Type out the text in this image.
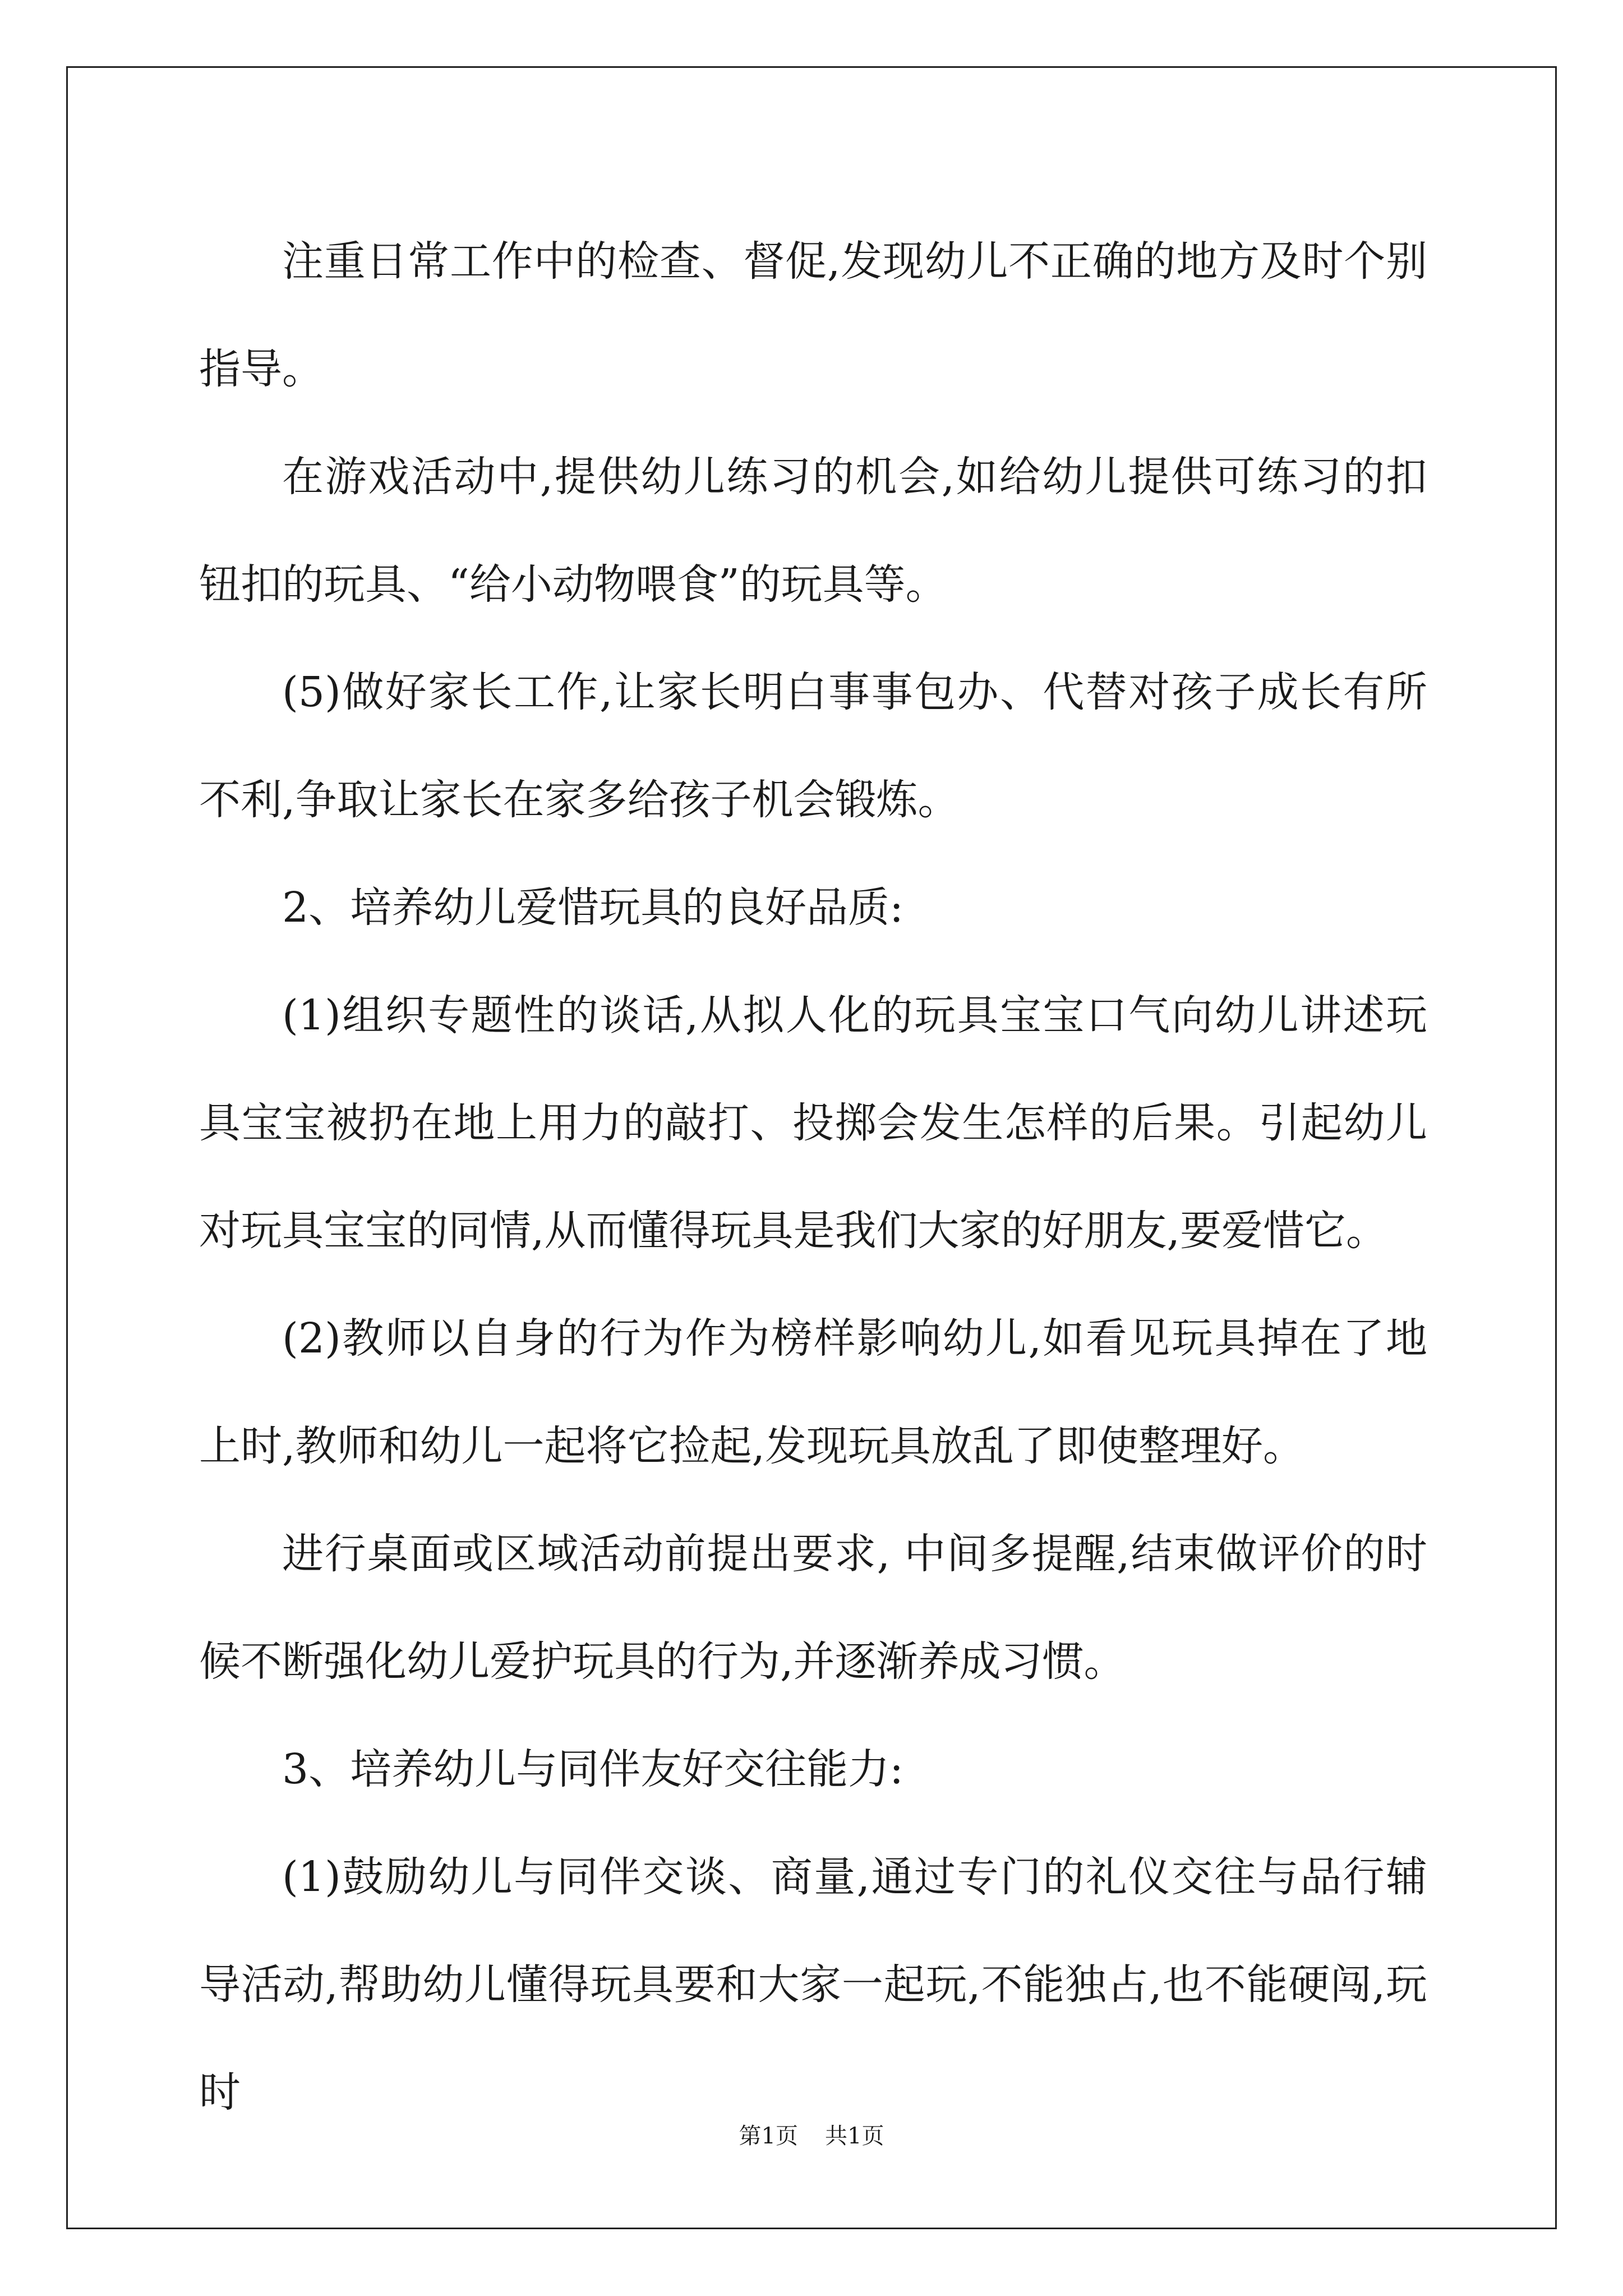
注重日常工作中的检查、督促,发现幼儿不正确的地方及时个别指导。

在游戏活动中,提供幼儿练习的机会,如给幼儿提供可练习的扣钮扣的玩具、“给小动物喂食”的玩具等。

(5)做好家长工作,让家长明白事事包办、代替对孩子成长有所不利,争取让家长在家多给孩子机会锻炼。

2、培养幼儿爱惜玩具的良好品质:

(1)组织专题性的谈话,从拟人化的玩具宝宝口气向幼儿讲述玩具宝宝被扔在地上用力的敲打、投掷会发生怎样的后果。引起幼儿对玩具宝宝的同情,从而懂得玩具是我们大家的好朋友,要爱惜它。

(2)教师以自身的行为作为榜样影响幼儿,如看见玩具掉在了地上时,教师和幼儿一起将它捡起,发现玩具放乱了即使整理好。

进行桌面或区域活动前提出要求, 中间多提醒,结束做评价的时候不断强化幼儿爱护玩具的行为,并逐渐养成习惯。

3、培养幼儿与同伴友好交往能力:

(1)鼓励幼儿与同伴交谈、商量,通过专门的礼仪交往与品行辅导活动,帮助幼儿懂得玩具要和大家一起玩,不能独占,也不能硬闯,玩时

第1页 共1页
